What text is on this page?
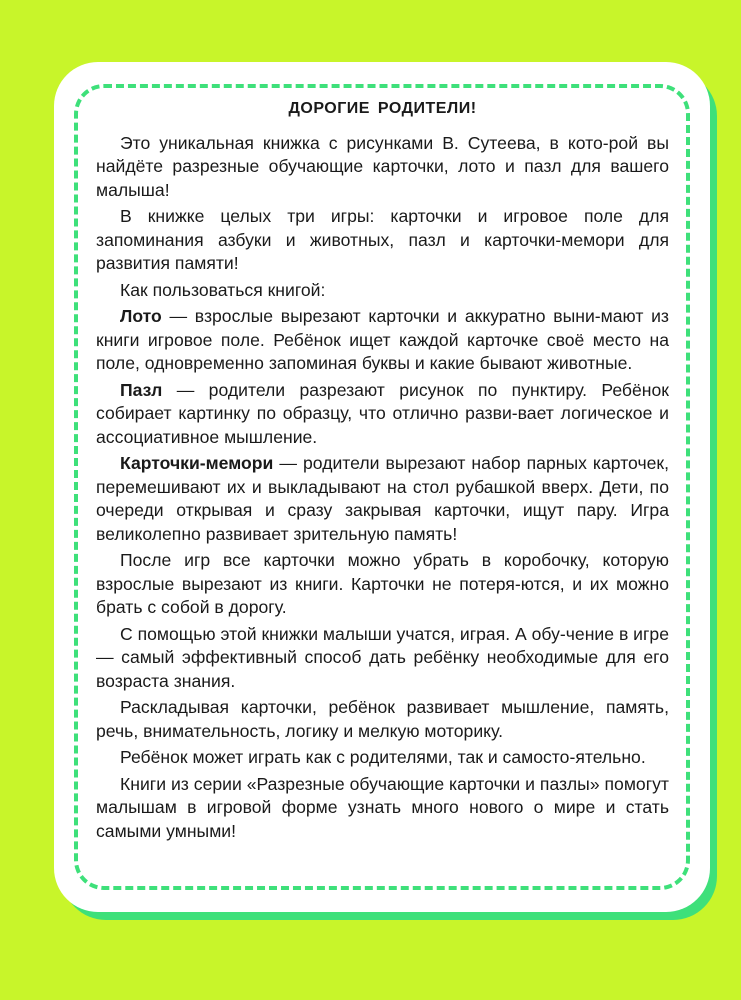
ДОРОГИЕ РОДИТЕЛИ!
Это уникальная книжка с рисунками В. Сутеева, в кото-рой вы найдёте разрезные обучающие карточки, лото и пазл для вашего малыша!
В книжке целых три игры: карточки и игровое поле для запоминания азбуки и животных, пазл и карточки-мемори для развития памяти!
Как пользоваться книгой:
Лото — взрослые вырезают карточки и аккуратно выни-мают из книги игровое поле. Ребёнок ищет каждой карточке своё место на поле, одновременно запоминая буквы и какие бывают животные.
Пазл — родители разрезают рисунок по пунктиру. Ребёнок собирает картинку по образцу, что отлично разви-вает логическое и ассоциативное мышление.
Карточки-мемори — родители вырезают набор парных карточек, перемешивают их и выкладывают на стол рубашкой вверх. Дети, по очереди открывая и сразу закрывая карточки, ищут пару. Игра великолепно развивает зрительную память!
После игр все карточки можно убрать в коробочку, которую взрослые вырезают из книги. Карточки не потеря-ются, и их можно брать с собой в дорогу.
С помощью этой книжки малыши учатся, играя. А обу-чение в игре — самый эффективный способ дать ребёнку необходимые для его возраста знания.
Раскладывая карточки, ребёнок развивает мышление, память, речь, внимательность, логику и мелкую моторику.
Ребёнок может играть как с родителями, так и самосто-ятельно.
Книги из серии «Разрезные обучающие карточки и пазлы» помогут малышам в игровой форме узнать много нового о мире и стать самыми умными!
